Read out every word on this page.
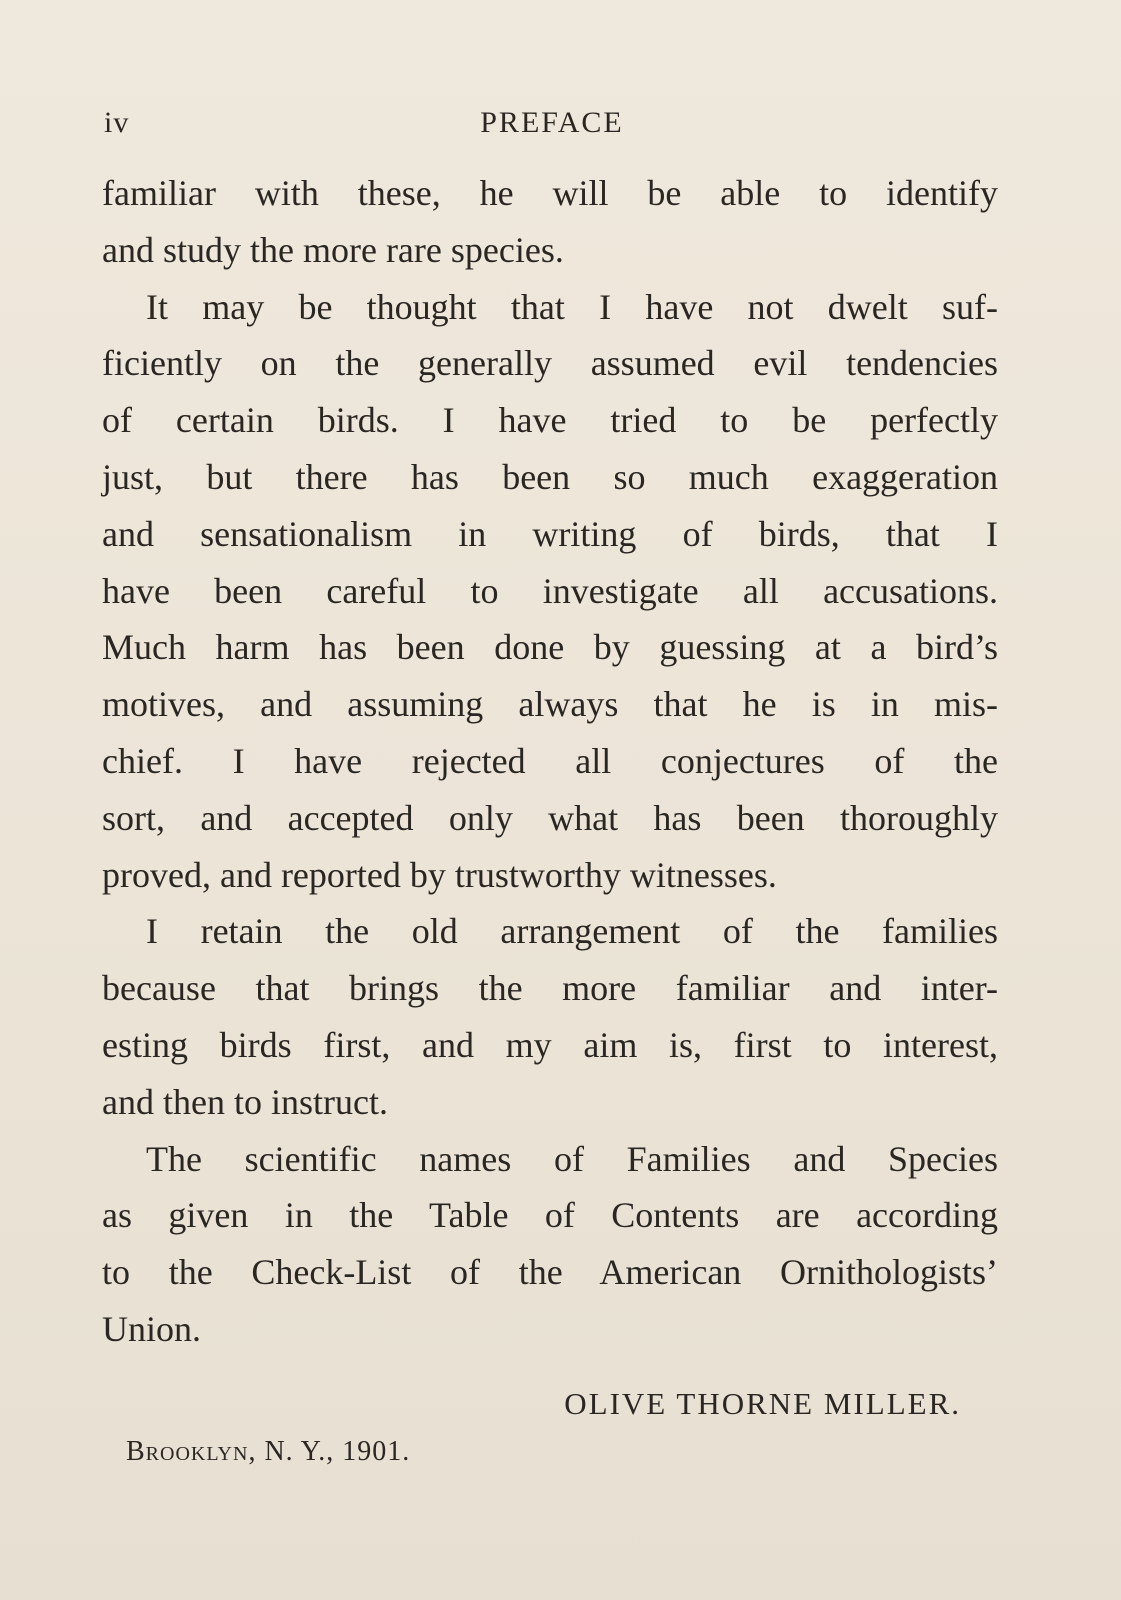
iv	PREFACE
familiar with these, he will be able to identify
and study the more rare species.
It may be thought that I have not dwelt suf-
ficiently on the generally assumed evil tendencies
of certain birds. I have tried to be perfectly
just, but there has been so much exaggeration
and sensationalism in writing of birds, that I
have been careful to investigate all accusations.
Much harm has been done by guessing at a bird’s
motives, and assuming always that he is in mis-
chief. I have rejected all conjectures of the
sort, and accepted only what has been thoroughly
proved, and reported by trustworthy witnesses.
I retain the old arrangement of the families
because that brings the more familiar and inter-
esting birds first, and my aim is, first to interest,
and then to instruct.
The scientific names of Families and Species
as given in the Table of Contents are according
to the Check-List of the American Ornithologists’
Union.
OLIVE THORNE MILLER.
Brooklyn, N. Y., 1901.
